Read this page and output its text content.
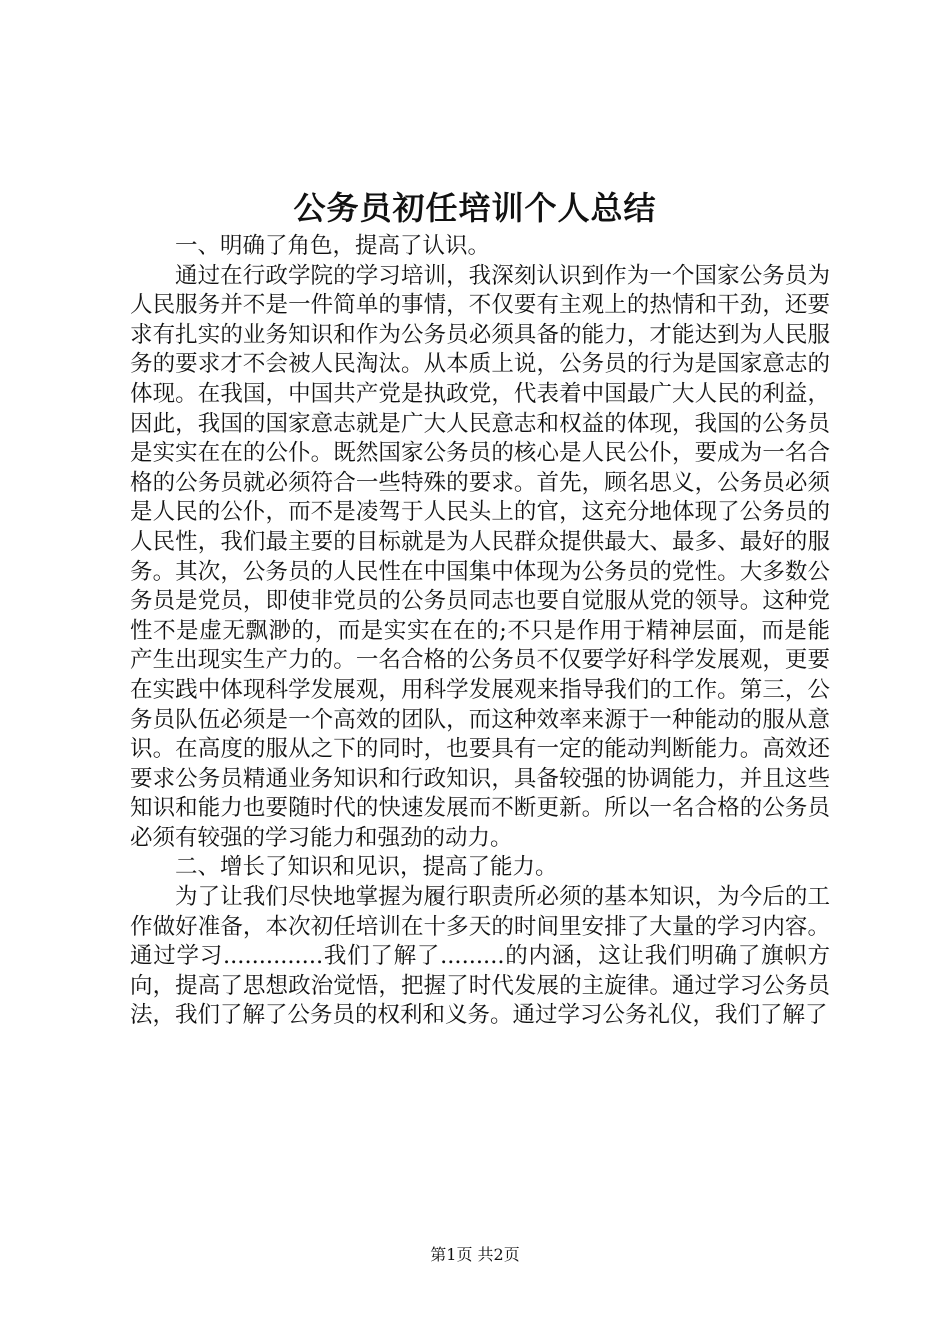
公务员初任培训个人总结

一、明确了角色，提高了认识。

通过在行政学院的学习培训，我深刻认识到作为一个国家公务员为人民服务并不是一件简单的事情，不仅要有主观上的热情和干劲，还要求有扎实的业务知识和作为公务员必须具备的能力，才能达到为人民服务的要求才不会被人民淘汰。从本质上说，公务员的行为是国家意志的体现。在我国，中国共产党是执政党，代表着中国最广大人民的利益，因此，我国的国家意志就是广大人民意志和权益的体现，我国的公务员是实实在在的公仆。既然国家公务员的核心是人民公仆，要成为一名合格的公务员就必须符合一些特殊的要求。首先，顾名思义，公务员必须是人民的公仆，而不是凌驾于人民头上的官，这充分地体现了公务员的人民性，我们最主要的目标就是为人民群众提供最大、最多、最好的服务。其次，公务员的人民性在中国集中体现为公务员的党性。大多数公务员是党员，即使非党员的公务员同志也要自觉服从党的领导。这种党性不是虚无飘渺的，而是实实在在的;不只是作用于精神层面，而是能产生出现实生产力的。一名合格的公务员不仅要学好科学发展观，更要在实践中体现科学发展观，用科学发展观来指导我们的工作。第三，公务员队伍必须是一个高效的团队，而这种效率来源于一种能动的服从意识。在高度的服从之下的同时，也要具有一定的能动判断能力。高效还要求公务员精通业务知识和行政知识，具备较强的协调能力，并且这些知识和能力也要随时代的快速发展而不断更新。所以一名合格的公务员必须有较强的学习能力和强劲的动力。

二、增长了知识和见识，提高了能力。

为了让我们尽快地掌握为履行职责所必须的基本知识，为今后的工作做好准备，本次初任培训在十多天的时间里安排了大量的学习内容。通过学习..............我们了解了.........的内涵，这让我们明确了旗帜方向，提高了思想政治觉悟，把握了时代发展的主旋律。通过学习公务员法，我们了解了公务员的权利和义务。通过学习公务礼仪，我们了解了

第1页 共2页
